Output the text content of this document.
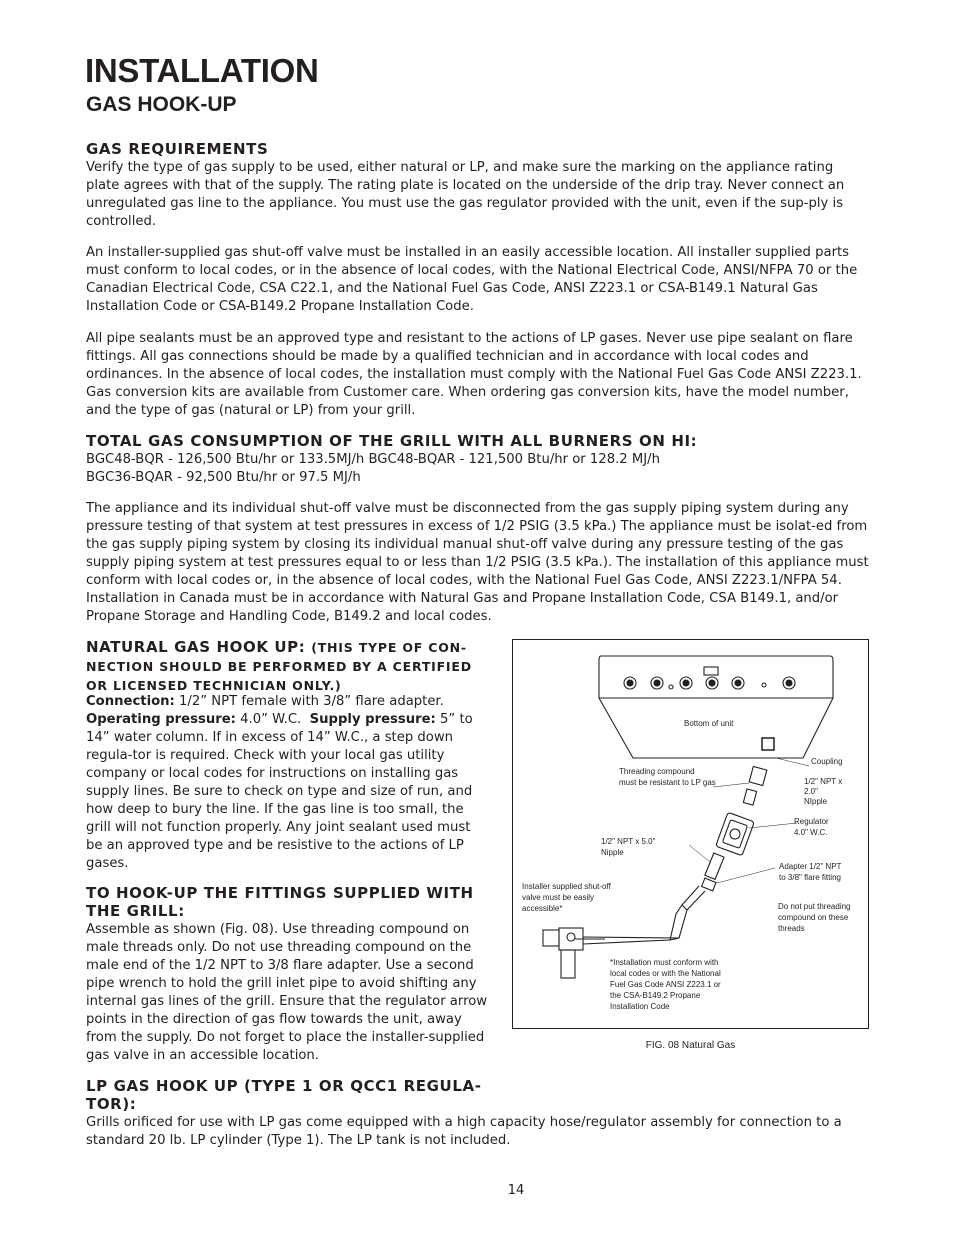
INSTALLATION
GAS HOOK-UP
GAS REQUIREMENTS

Verify the type of gas supply to be used, either natural or LP, and make sure the marking on the appliance rating plate agrees with that of the supply. The rating plate is located on the underside of the drip tray. Never connect an unregulated gas line to the appliance. You must use the gas regulator provided with the unit, even if the sup-ply is controlled.

An installer-supplied gas shut-off valve must be installed in an easily accessible location. All installer supplied parts must conform to local codes, or in the absence of local codes, with the National Electrical Code, ANSI/NFPA 70 or the Canadian Electrical Code, CSA C22.1, and the National Fuel Gas Code, ANSI Z223.1 or CSA-B149.1 Natural Gas Installation Code or CSA-B149.2 Propane Installation Code.

All pipe sealants must be an approved type and resistant to the actions of LP gases. Never use pipe sealant on flare fittings. All gas connections should be made by a qualified technician and in accordance with local codes and ordinances. In the absence of local codes, the installation must comply with the National Fuel Gas Code ANSI Z223.1. Gas conversion kits are available from Customer care. When ordering gas conversion kits, have the model number, and the type of gas (natural or LP) from your grill.

TOTAL GAS CONSUMPTION OF THE GRILL WITH ALL BURNERS ON HI:

BGC48-BQR - 126,500 Btu/hr or 133.5MJ/h BGC48-BQAR - 121,500 Btu/hr or 128.2 MJ/h

BGC36-BQAR - 92,500 Btu/hr or 97.5 MJ/h

The appliance and its individual shut-off valve must be disconnected from the gas supply piping system during any pressure testing of that system at test pressures in excess of 1/2 PSIG (3.5 kPa.) The appliance must be isolat-ed from the gas supply piping system by closing its individual manual shut-off valve during any pressure testing of the gas supply piping system at test pressures equal to or less than 1/2 PSIG (3.5 kPa.). The installation of this appliance must conform with local codes or, in the absence of local codes, with the National Fuel Gas Code, ANSI Z223.1/NFPA 54. Installation in Canada must be in accordance with Natural Gas and Propane Installation Code, CSA B149.1, and/or Propane Storage and Handling Code, B149.2 and local codes.

NATURAL GAS HOOK UP: (THIS TYPE OF CON-
NECTION SHOULD BE PERFORMED BY A CERTIFIED
OR LICENSED TECHNICIAN ONLY.)
Connection: 1/2” NPT female with 3/8” flare adapter.
Operating pressure: 4.0” W.C. Supply pressure: 5” to 14” water column. If in excess of 14” W.C., a step down regula-tor is required. Check with your local gas utility company or local codes for instructions on installing gas supply lines. Be sure to check on type and size of run, and how deep to bury the line. If the gas line is too small, the grill will not function properly. Any joint sealant used must be an approved type and be resistive to the actions of LP gases.
TO HOOK-UP THE FITTINGS SUPPLIED WITH
THE GRILL:

Assemble as shown (Fig. 08). Use threading compound on male threads only. Do not use threading compound on the male end of the 1/2 NPT to 3/8 flare adapter. Use a second pipe wrench to hold the grill inlet pipe to avoid shifting any internal gas lines of the grill. Ensure that the regulator arrow points in the direction of gas flow towards the unit, away from the supply. Do not forget to place the installer-supplied gas valve in an accessible location.

LP GAS HOOK UP (TYPE 1 OR QCC1 REGULA-
TOR):

Grills orificed for use with LP gas come equipped with a high capacity hose/regulator assembly for connection to a standard 20 lb. LP cylinder (Type 1). The LP tank is not included.

Bottom of unit
Coupling
Threading compound
must be resistant to LP gas	1/2" NPT x
2.0"
NIpple
Regulator
4.0" W.C.
1/2" NPT x 5.0"
Nipple
Adapter 1/2" NPT
to 3/8" flare fitting
Installer supplied shut-off
valve must be easily
accessible*	Do not put threading
compound on these
threads
*Installation must conform with
local codes or with the National
Fuel Gas Code ANSI Z223.1 or
the CSA-B149.2 Propane
Installation Code
FIG. 08 Natural Gas
14
